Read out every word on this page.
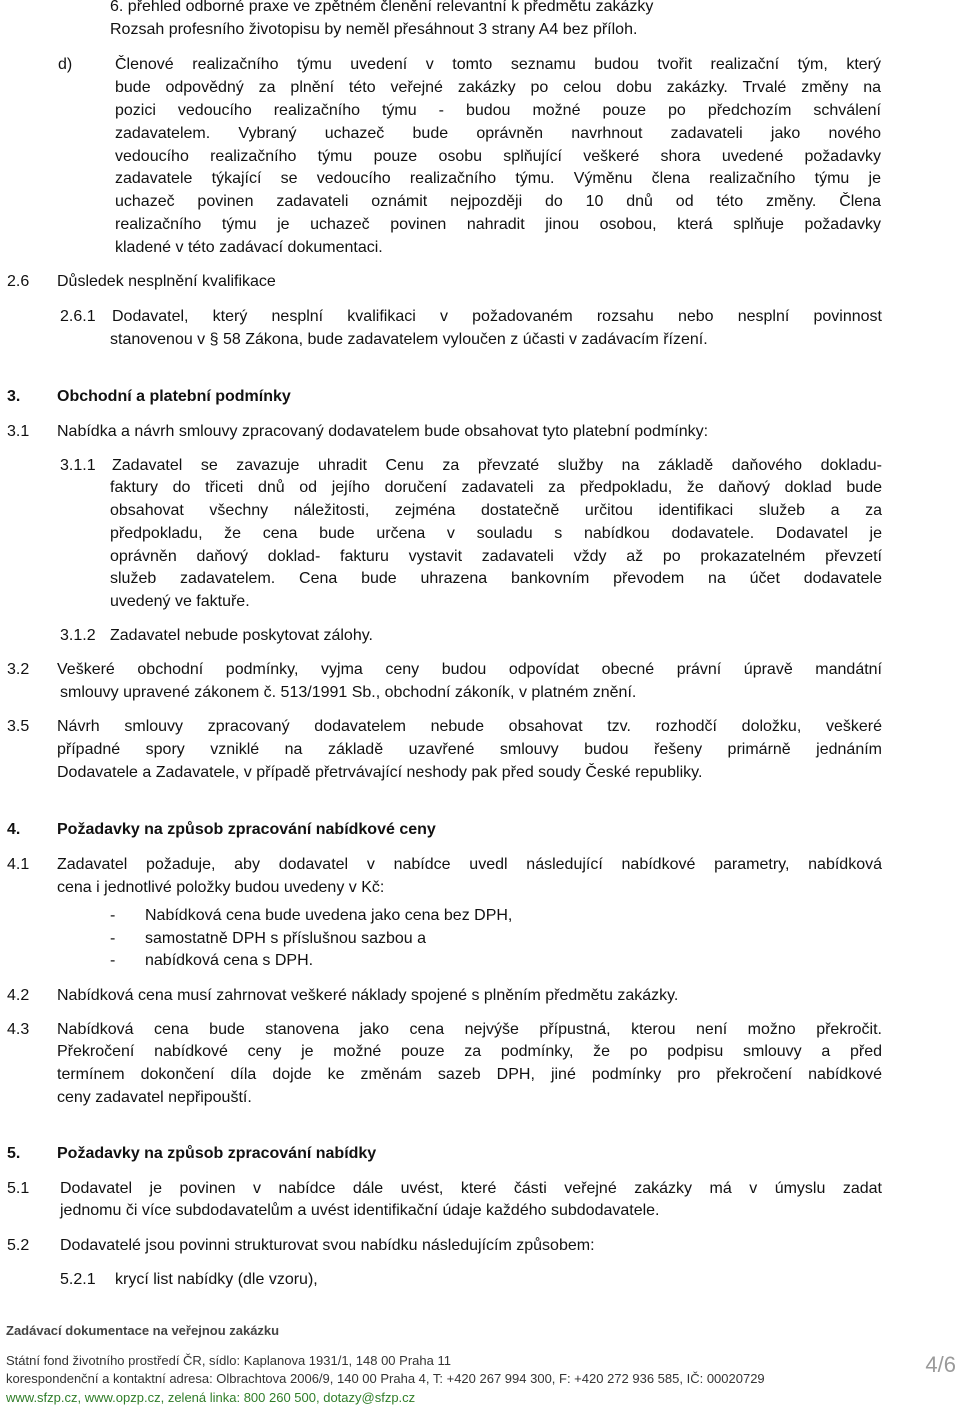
6. přehled odborné praxe ve zpětném členění relevantní k předmětu zakázky
Rozsah profesního životopisu by neměl přesáhnout 3 strany A4 bez příloh.
d)	Členové realizačního týmu uvedení v tomto seznamu budou tvořit realizační tým, který
bude odpovědný za plnění této veřejné zakázky po celou dobu zakázky. Trvalé změny na
pozici vedoucího realizačního týmu - budou možné pouze po předchozím schválení
zadavatelem. Vybraný uchazeč bude oprávněn navrhnout zadavateli jako nového
vedoucího realizačního týmu pouze osobu splňující veškeré shora uvedené požadavky
zadavatele týkající se vedoucího realizačního týmu. Výměnu člena realizačního týmu je
uchazeč povinen zadavateli oznámit nejpozději do 10 dnů od této změny. Člena
realizačního týmu je uchazeč povinen nahradit jinou osobou, která splňuje požadavky
kladené v této zadávací dokumentaci.
2.6 Důsledek nesplnění kvalifikace
2.6.1 Dodavatel, který nesplní kvalifikaci v požadovaném rozsahu nebo nesplní povinnost
stanovenou v § 58 Zákona, bude zadavatelem vyloučen z účasti v zadávacím řízení.
3. Obchodní a platební podmínky
3.1 Nabídka a návrh smlouvy zpracovaný dodavatelem bude obsahovat tyto platební podmínky:
3.1.1 Zadavatel se zavazuje uhradit Cenu za převzaté služby na základě daňového dokladu-
faktury do třiceti dnů od jejího doručení zadavateli za předpokladu, že daňový doklad bude
obsahovat všechny náležitosti, zejména dostatečně určitou identifikaci služeb a za
předpokladu, že cena bude určena v souladu s nabídkou dodavatele. Dodavatel je
oprávněn daňový doklad- fakturu vystavit zadavateli vždy až po prokazatelném převzetí
služeb zadavatelem. Cena bude uhrazena bankovním převodem na účet dodavatele
uvedený ve faktuře.
3.1.2 Zadavatel nebude poskytovat zálohy.
3.2 Veškeré obchodní podmínky, vyjma ceny budou odpovídat obecné právní úpravě mandátní
smlouvy upravené zákonem č. 513/1991 Sb., obchodní zákoník, v platném znění.
3.5 Návrh smlouvy zpracovaný dodavatelem nebude obsahovat tzv. rozhodčí doložku, veškeré
případné spory vzniklé na základě uzavřené smlouvy budou řešeny primárně jednáním
Dodavatele a Zadavatele, v případě přetrvávající neshody pak před soudy České republiky.
4. Požadavky na způsob zpracování nabídkové ceny
4.1 Zadavatel požaduje, aby dodavatel v nabídce uvedl následující nabídkové parametry, nabídková
cena i jednotlivé položky budou uvedeny v Kč:
- Nabídková cena bude uvedena jako cena bez DPH,
- samostatně DPH s příslušnou sazbou a
- nabídková cena s DPH.
4.2 Nabídková cena musí zahrnovat veškeré náklady spojené s plněním předmětu zakázky.
4.3 Nabídková cena bude stanovena jako cena nejvýše přípustná, kterou není možno překročit.
Překročení nabídkové ceny je možné pouze za podmínky, že po podpisu smlouvy a před
termínem dokončení díla dojde ke změnám sazeb DPH, jiné podmínky pro překročení nabídkové
ceny zadavatel nepřipouští.
5. Požadavky na způsob zpracování nabídky
5.1 Dodavatel je povinen v nabídce dále uvést, které části veřejné zakázky má v úmyslu zadat
jednomu či více subdodavatelům a uvést identifikační údaje každého subdodavatele.
5.2 Dodavatelé jsou povinni strukturovat svou nabídku následujícím způsobem:
5.2.1 krycí list nabídky (dle vzoru),
Zadávací dokumentace na veřejnou zakázku
Státní fond životního prostředí ČR, sídlo: Kaplanova 1931/1, 148 00 Praha 11
korespondenční a kontaktní adresa: Olbrachtova 2006/9, 140 00 Praha 4, T: +420 267 994 300, F: +420 272 936 585, IČ: 00020729
www.sfzp.cz, www.opzp.cz, zelená linka: 800 260 500, dotazy@sfzp.cz
4/6
